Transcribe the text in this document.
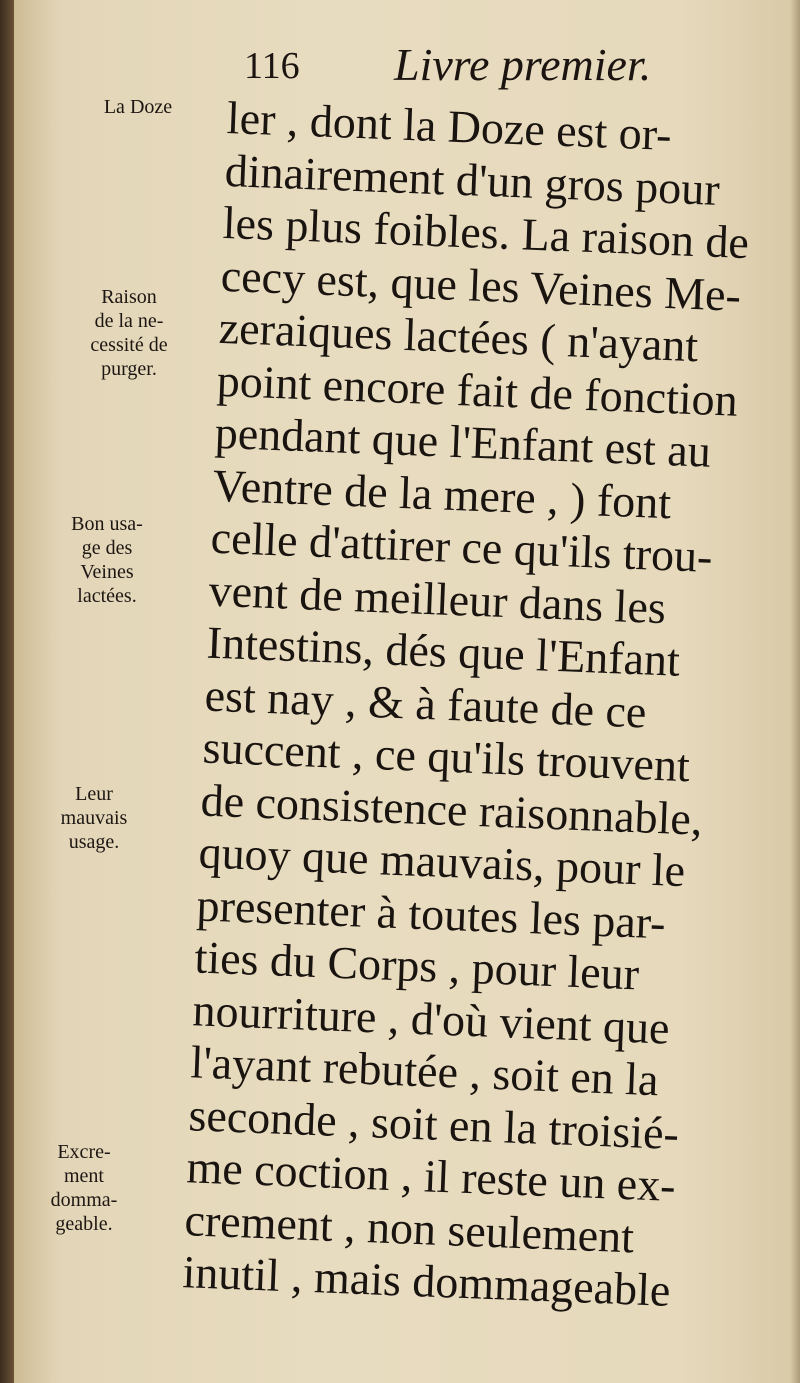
116 Livre premier.
La Doze
Raison
de la ne-
cessité de
purger.
Bon usa-
ge des
Veines
lactées.
Leur
mauvais
usage.
Excre-
ment
domma-
geable.
ler , dont la Doze est or-
dinairement d'un gros pour
les plus foibles. La raison de
cecy est, que les Veines Me-
zeraiques lactées ( n'ayant
point encore fait de fonction
pendant que l'Enfant est au
Ventre de la mere , ) font
celle d'attirer ce qu'ils trou-
vent de meilleur dans les
Intestins, dés que l'Enfant
est nay , & à faute de ce
succent , ce qu'ils trouvent
de consistence raisonnable,
quoy que mauvais, pour le
presenter à toutes les par-
ties du Corps , pour leur
nourriture , d'où vient que
l'ayant rebutée , soit en la
seconde , soit en la troisié-
me coction , il reste un ex-
crement , non seulement
inutil , mais dommageable
